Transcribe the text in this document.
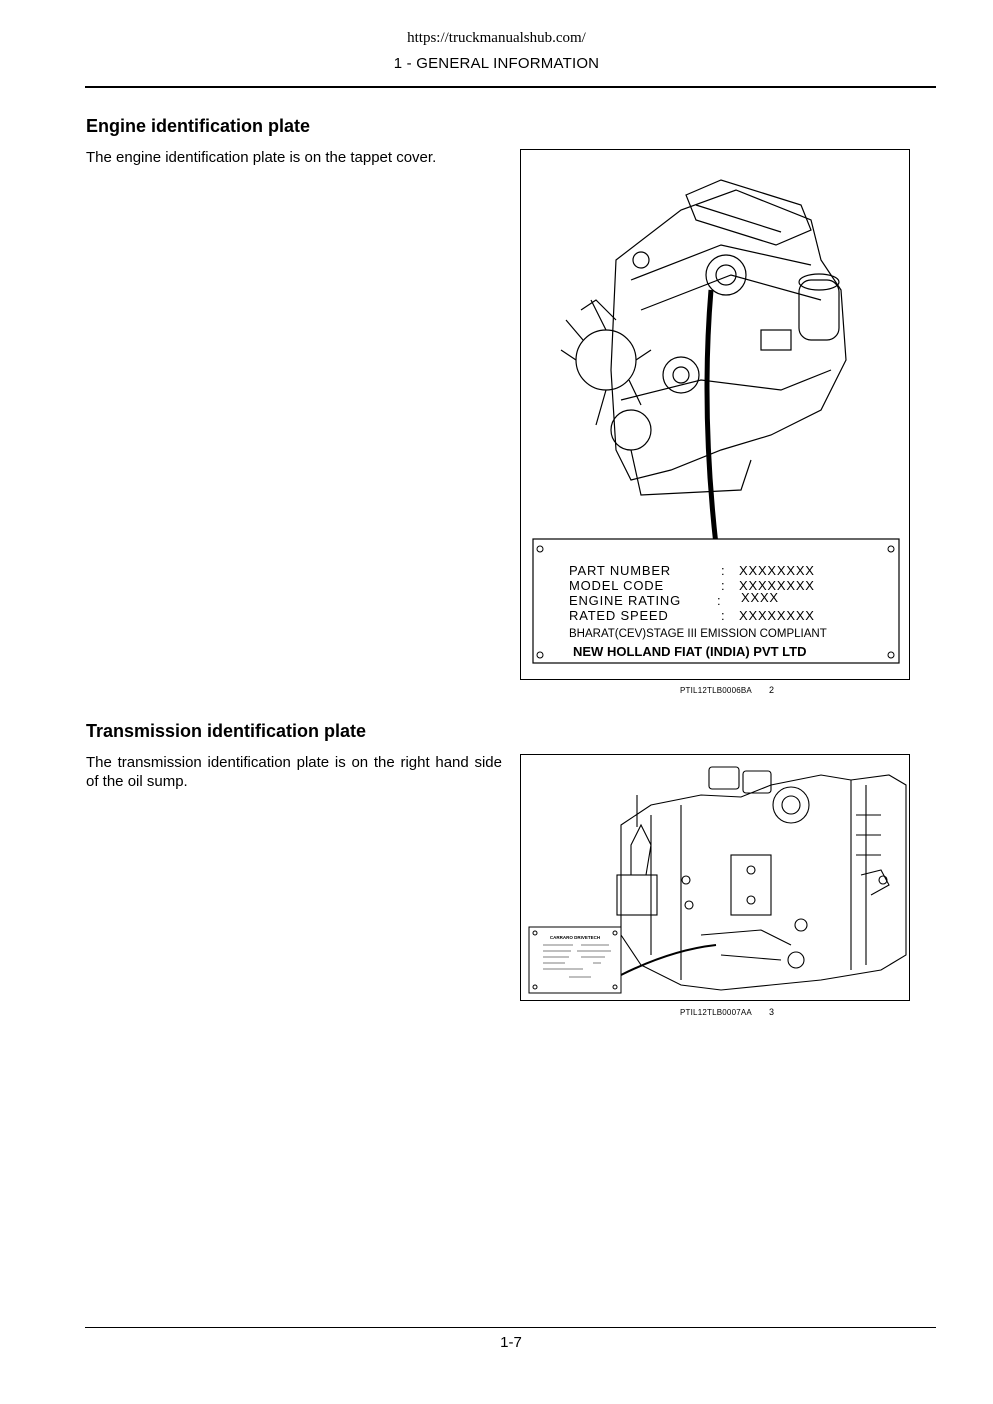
https://truckmanualshub.com/
1 - GENERAL INFORMATION
Engine identification plate

The engine identification plate is on the tappet cover.

PART NUMBER	: XXXXXXXX
MODEL CODE	: XXXXXXXX
ENGINE RATING	: XXXX
RATED SPEED	: XXXXXXXX
BHARAT(CEV)STAGE III EMISSION COMPLIANT
NEW HOLLAND FIAT (INDIA) PVT LTD
PTIL12TLB0006BA 2
Transmission identification plate

The transmission identification plate is on the right hand side of the oil sump.

CARRARO DRIVETECH
PTIL12TLB0007AA 3
1-7
